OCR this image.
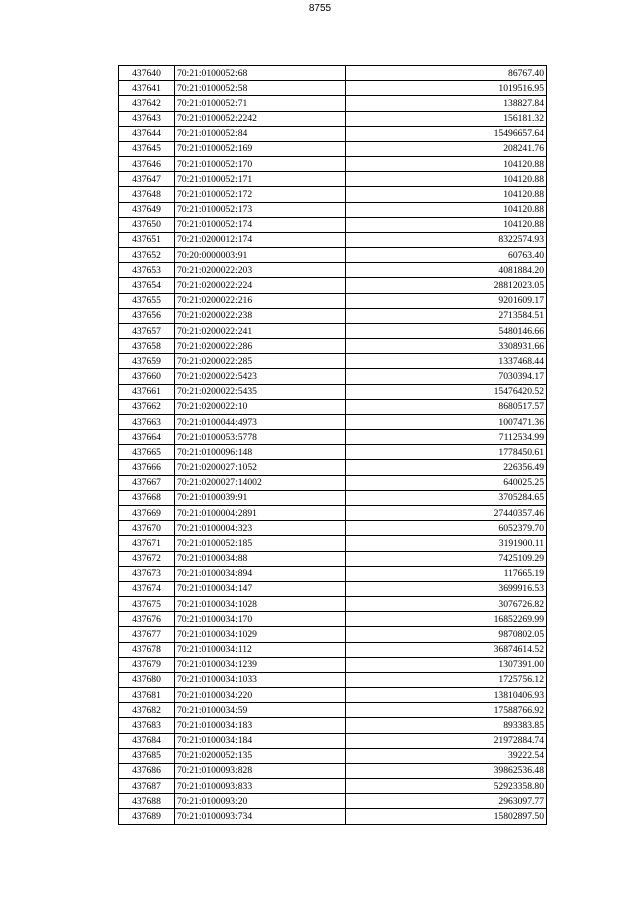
8755
437640	70:21:0100052:68	86767.40
437641	70:21:0100052:58	1019516.95
437642	70:21:0100052:71	138827.84
437643	70:21:0100052:2242	156181.32
437644	70:21:0100052:84	15496657.64
437645	70:21:0100052:169	208241.76
437646	70:21:0100052:170	104120.88
437647	70:21:0100052:171	104120.88
437648	70:21:0100052:172	104120.88
437649	70:21:0100052:173	104120.88
437650	70:21:0100052:174	104120.88
437651	70:21:0200012:174	8322574.93
437652	70:20:0000003:91	60763.40
437653	70:21:0200022:203	4081884.20
437654	70:21:0200022:224	28812023.05
437655	70:21:0200022:216	9201609.17
437656	70:21:0200022:238	2713584.51
437657	70:21:0200022:241	5480146.66
437658	70:21:0200022:286	3308931.66
437659	70:21:0200022:285	1337468.44
437660	70:21:0200022:5423	7030394.17
437661	70:21:0200022:5435	15476420.52
437662	70:21:0200022:10	8680517.57
437663	70:21:0100044:4973	1007471.36
437664	70:21:0100053:5778	7112534.99
437665	70:21:0100096:148	1778450.61
437666	70:21:0200027:1052	226356.49
437667	70:21:0200027:14002	640025.25
437668	70:21:0100039:91	3705284.65
437669	70:21:0100004:2891	27440357.46
437670	70:21:0100004:323	6052379.70
437671	70:21:0100052:185	3191900.11
437672	70:21:0100034:88	7425109.29
437673	70:21:0100034:894	117665.19
437674	70:21:0100034:147	3699916.53
437675	70:21:0100034:1028	3076726.82
437676	70:21:0100034:170	16852269.99
437677	70:21:0100034:1029	9870802.05
437678	70:21:0100034:112	36874614.52
437679	70:21:0100034:1239	1307391.00
437680	70:21:0100034:1033	1725756.12
437681	70:21:0100034:220	13810406.93
437682	70:21:0100034:59	17588766.92
437683	70:21:0100034:183	893383.85
437684	70:21:0100034:184	21972884.74
437685	70:21:0200052:135	39222.54
437686	70:21:0100093:828	39862536.48
437687	70:21:0100093:833	52923358.80
437688	70:21:0100093:20	2963097.77
437689	70:21:0100093:734	15802897.50
